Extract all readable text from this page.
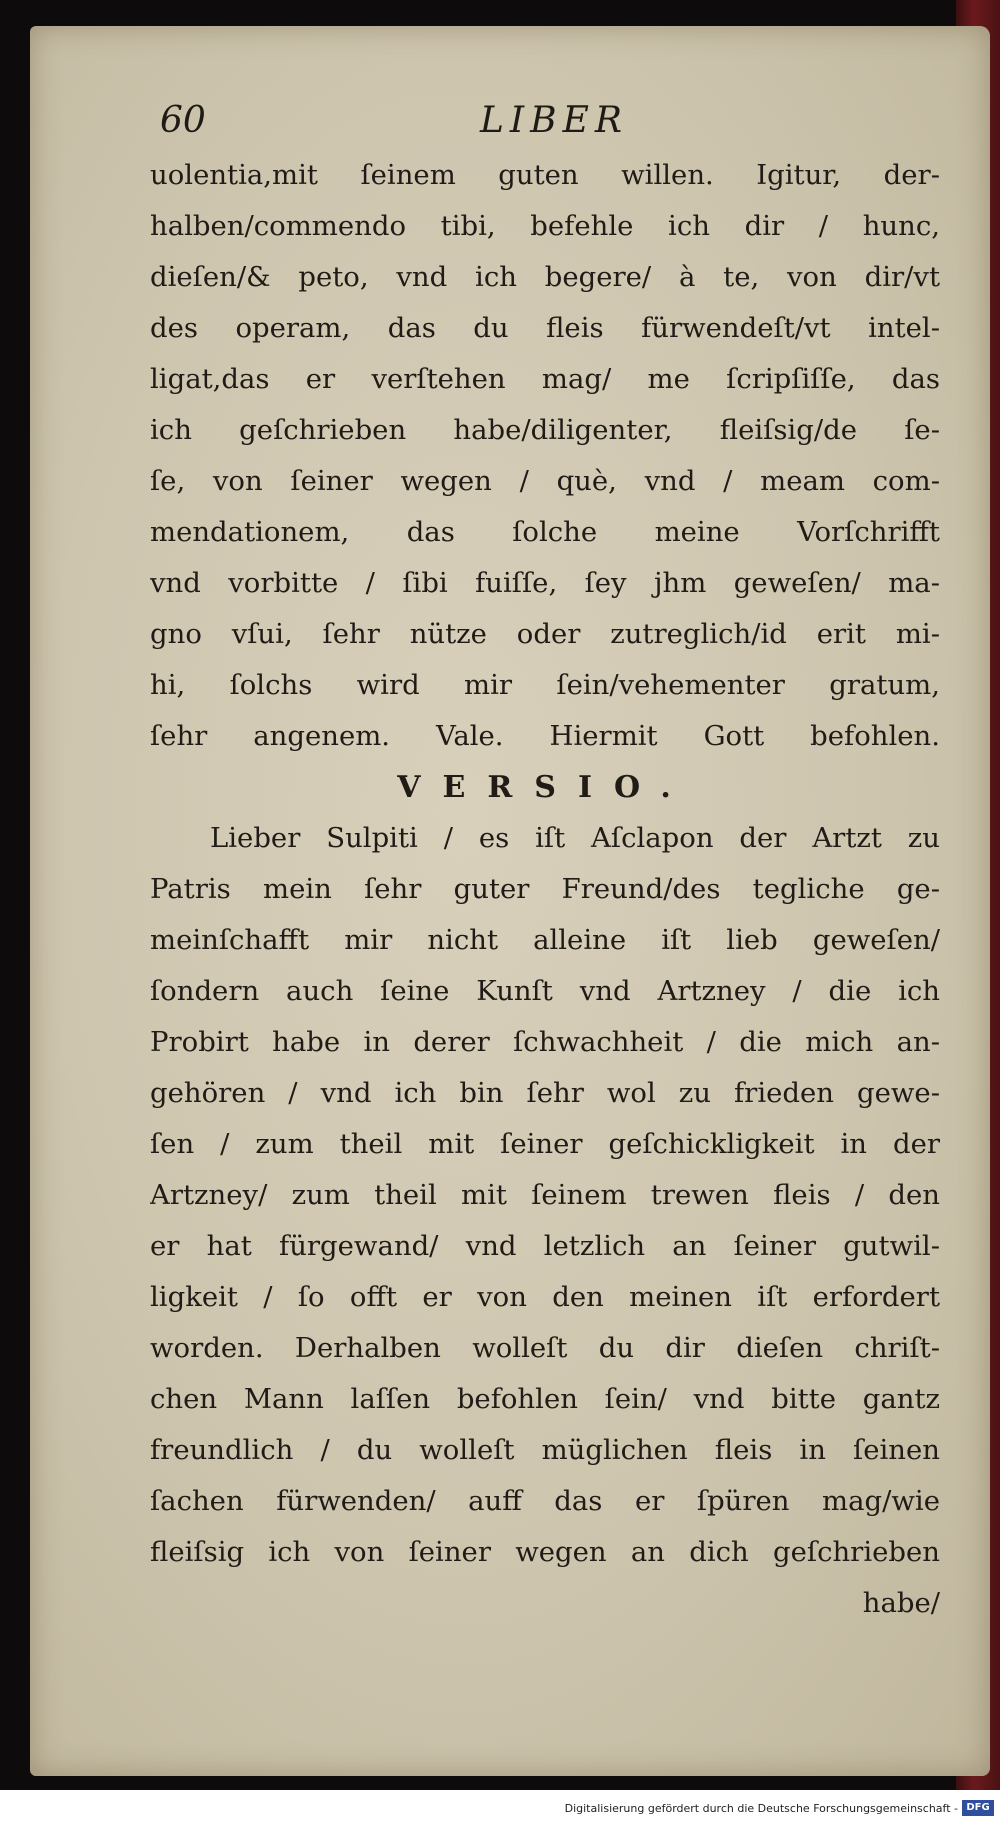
60	LIBER
uolentia,mit ſeinem guten willen. Igitur, der-
halben/commendo tibi, befehle ich dir / hunc,
dieſen/& peto, vnd ich begere/ à te, von dir/vt
des operam, das du fleis fürwendeſt/vt intel-
ligat,das er verſtehen mag/ me ſcripſiſſe, das
ich geſchrieben habe/diligenter, fleiſsig/de ſe-
ſe, von ſeiner wegen / què, vnd / meam com-
mendationem, das ſolche meine Vorſchrifft
vnd vorbitte / ſibi fuiſſe, ſey jhm geweſen/ ma-
gno vſui, ſehr nütze oder zutreglich/id erit mi-
hi, ſolchs wird mir ſein/vehementer gratum,
ſehr angenem. Vale. Hiermit Gott befohlen.
VERSIO.
Lieber Sulpiti / es iſt Aſclapon der Artzt zu
Patris mein ſehr guter Freund/des tegliche ge-
meinſchafft mir nicht alleine iſt lieb geweſen/
ſondern auch ſeine Kunſt vnd Artzney / die ich
Probirt habe in derer ſchwachheit / die mich an-
gehören / vnd ich bin ſehr wol zu frieden gewe-
ſen / zum theil mit ſeiner geſchickligkeit in der
Artzney/ zum theil mit ſeinem trewen fleis / den
er hat fürgewand/ vnd letzlich an ſeiner gutwil-
ligkeit / ſo offt er von den meinen iſt erfordert
worden. Derhalben wolleſt du dir dieſen chriſt-
chen Mann laſſen befohlen ſein/ vnd bitte gantz
freundlich / du wolleſt müglichen fleis in ſeinen
ſachen fürwenden/ auff das er ſpüren mag/wie
fleiſsig ich von ſeiner wegen an dich geſchrieben
habe/
Digitalisierung gefördert durch die Deutsche Forschungsgemeinschaft - DFG
